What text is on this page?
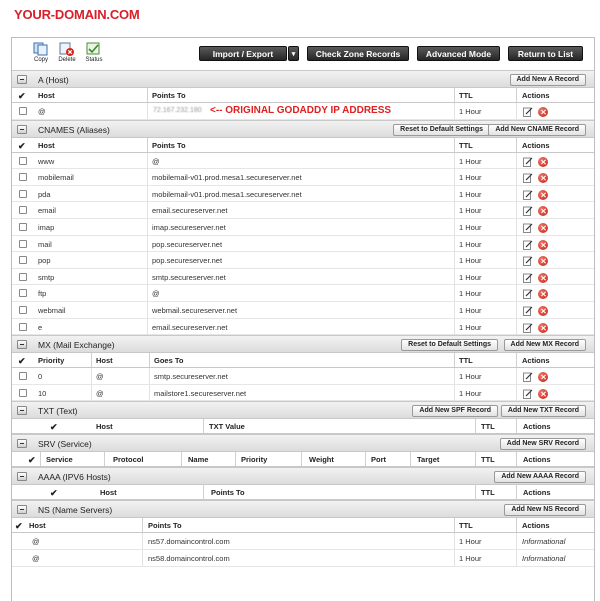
YOUR-DOMAIN.COM
Copy	Delete	Status
Import / Export	▾	Check Zone Records	Advanced Mode	Return to List
A (Host)	Add New A Record
✔ Host	Points To	TTL	Actions
@	72.167.232.180 <-- ORIGINAL GODADDY IP ADDRESS	1 Hour
CNAMES (Aliases)	Reset to Default Settings	Add New CNAME Record
✔ Host	Points To	TTL	Actions
www	@	1 Hour
mobilemail	mobilemail-v01.prod.mesa1.secureserver.net	1 Hour
pda	mobilemail-v01.prod.mesa1.secureserver.net	1 Hour
email	email.secureserver.net	1 Hour
imap	imap.secureserver.net	1 Hour
mail	pop.secureserver.net	1 Hour
pop	pop.secureserver.net	1 Hour
smtp	smtp.secureserver.net	1 Hour
ftp	@	1 Hour
webmail	webmail.secureserver.net	1 Hour
e	email.secureserver.net	1 Hour
MX (Mail Exchange)	Reset to Default Settings	Add New MX Record
✔ Priority	Host	Goes To	TTL	Actions
0	@	smtp.secureserver.net	1 Hour
10	@	mailstore1.secureserver.net	1 Hour
TXT (Text)	Add New SPF Record	Add New TXT Record
✔	Host	TXT Value	TTL	Actions
SRV (Service)	Add New SRV Record
✔ Service	Protocol	Name	Priority	Weight	Port	Target	TTL	Actions
AAAA (IPV6 Hosts)	Add New AAAA Record
✔	Host	Points To	TTL	Actions
NS (Name Servers)	Add New NS Record
✔ Host	Points To	TTL	Actions
@	ns57.domaincontrol.com	1 Hour	Informational
@	ns58.domaincontrol.com	1 Hour	Informational
